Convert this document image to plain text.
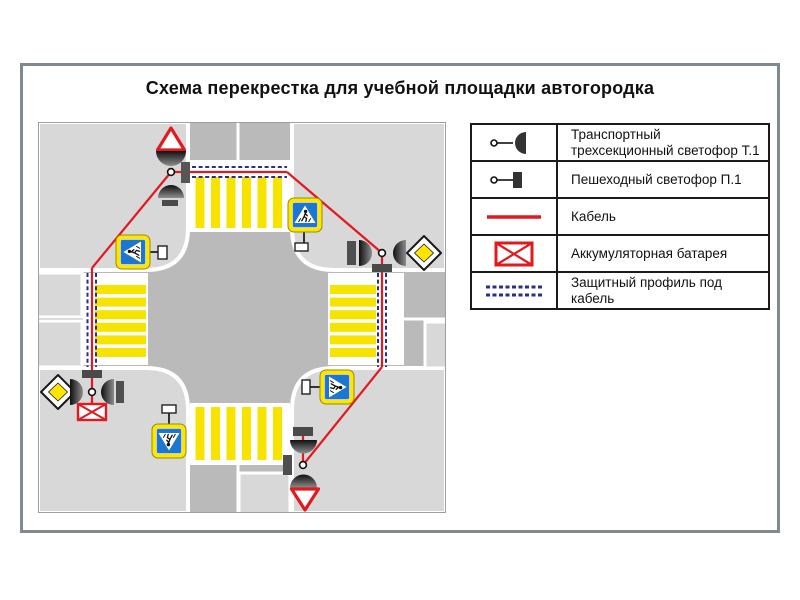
Схема перекрестка для учебной площадки автогородка
Транспортный трехсекционный светофор Т.1
Пешеходный светофор П.1
Кабель
Аккумуляторная батарея
Защитный профиль под кабель
